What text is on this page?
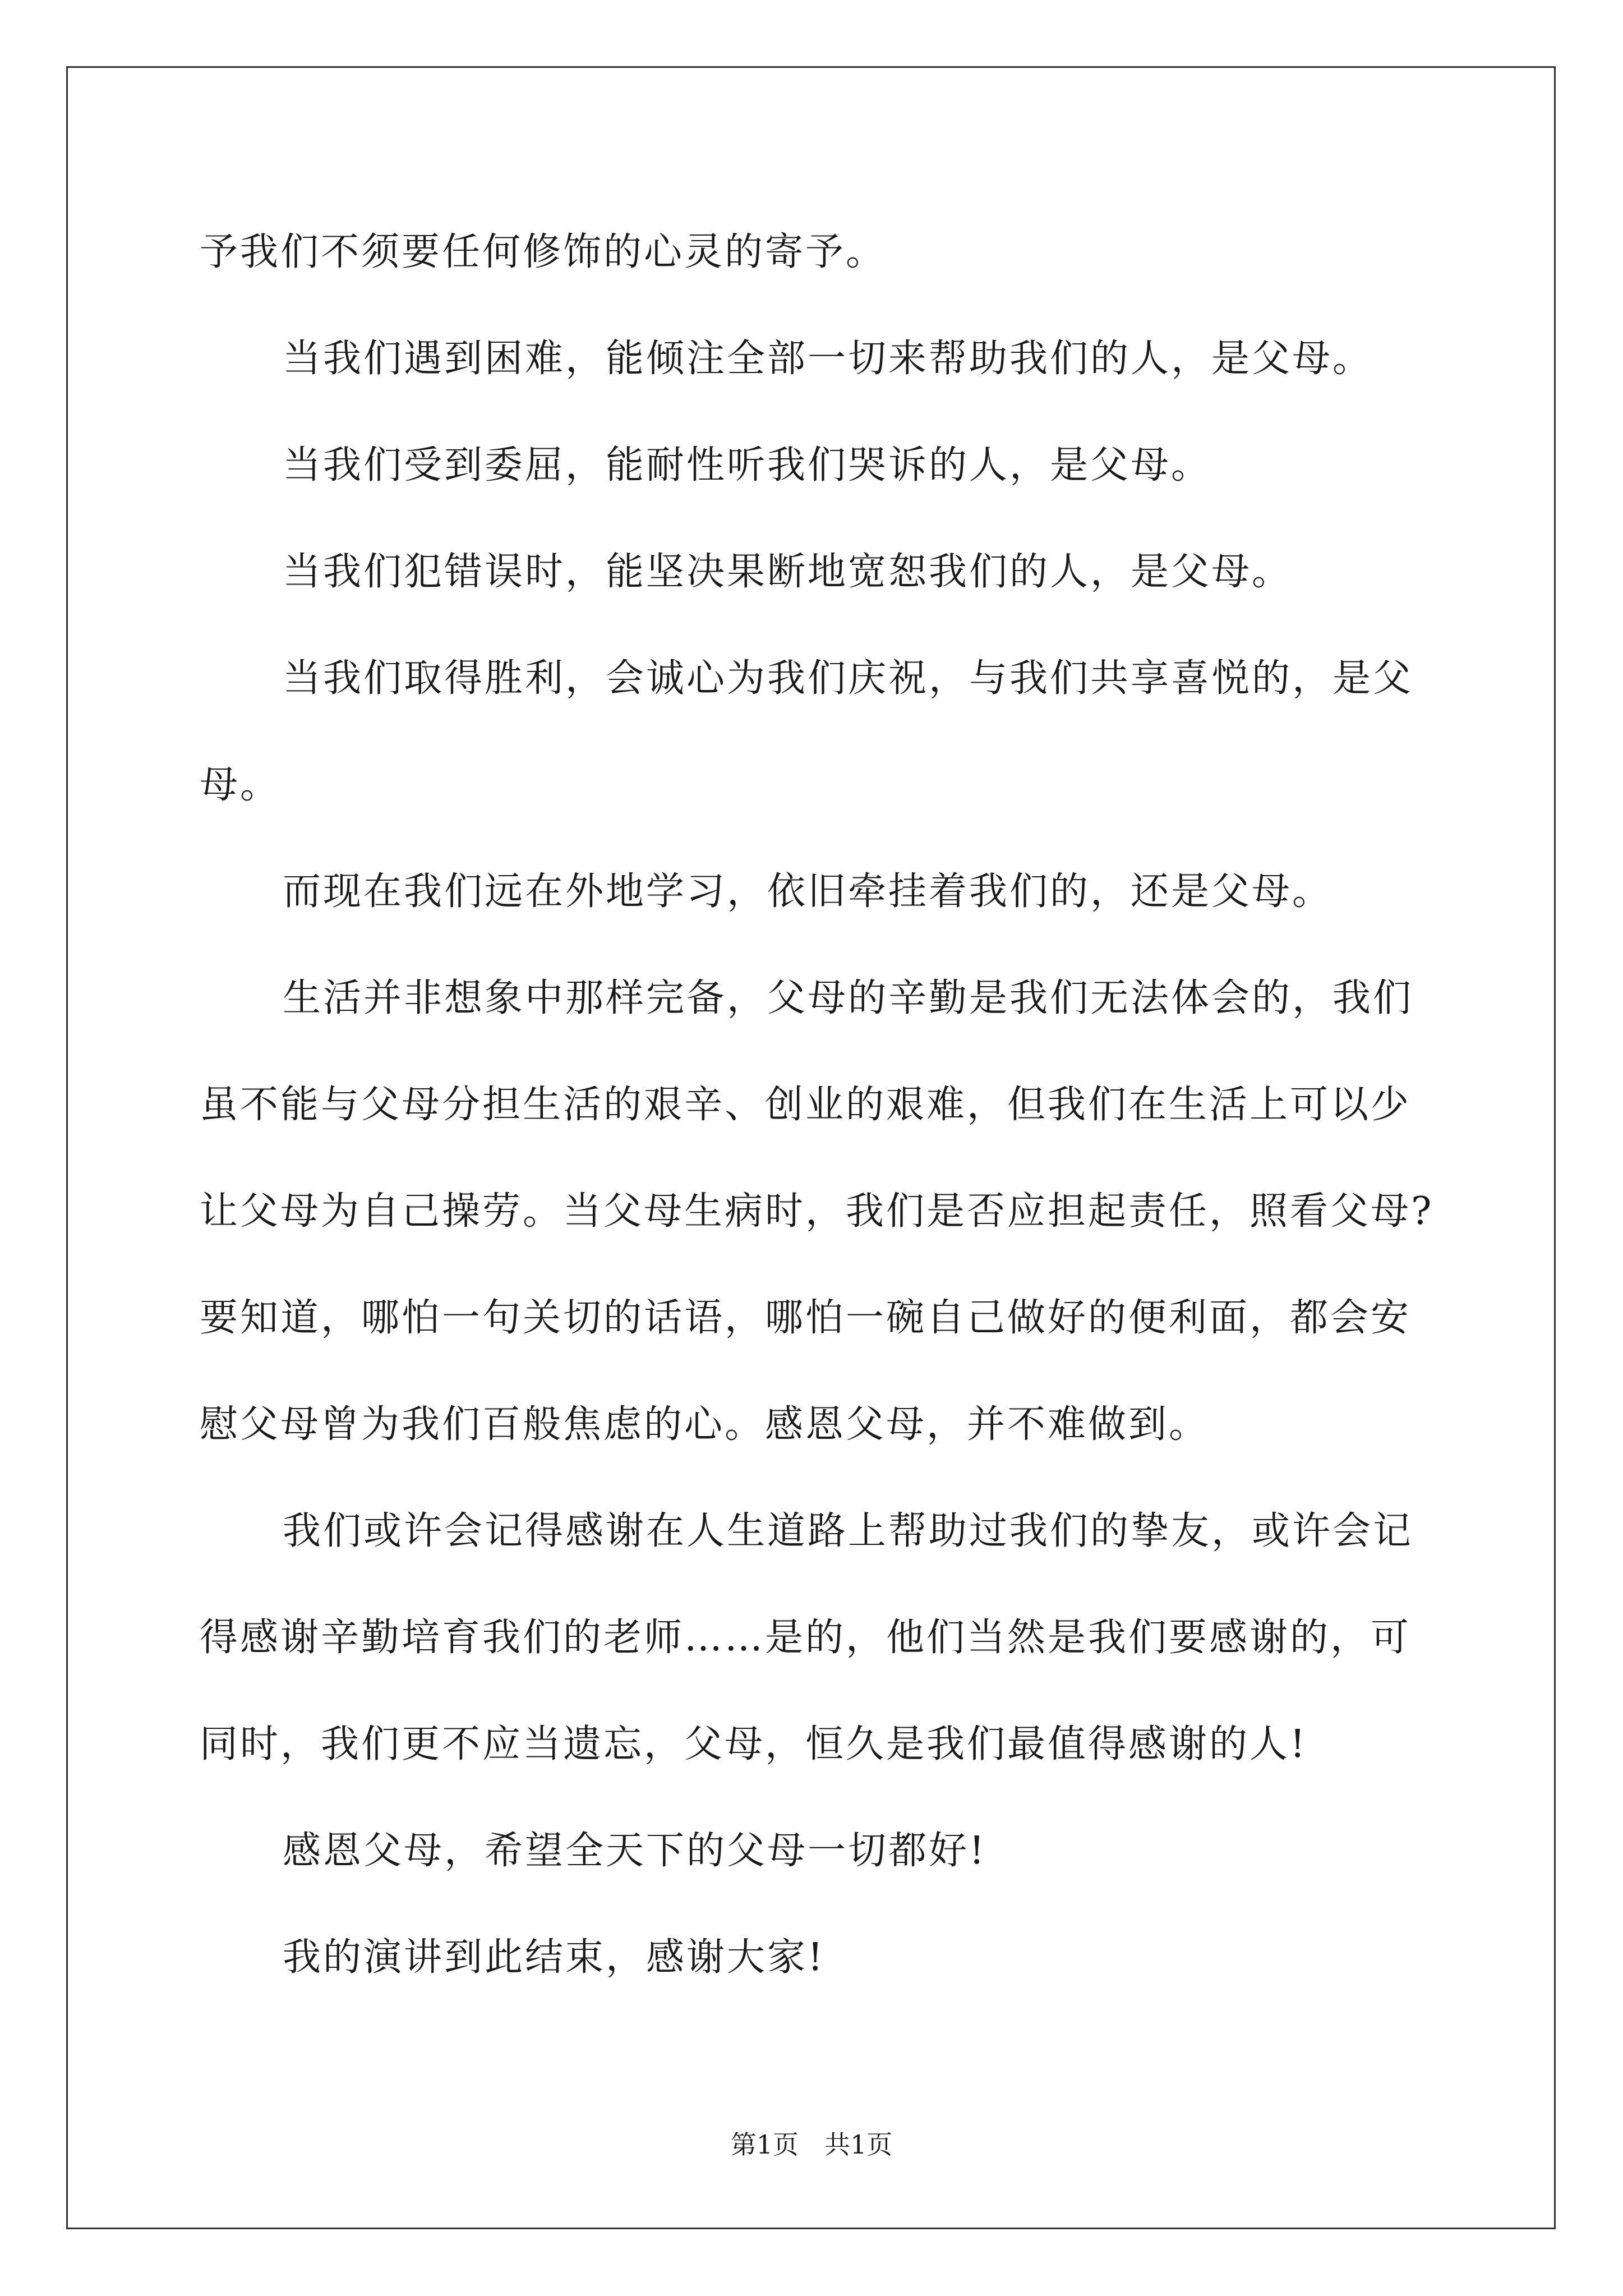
予我们不须要任何修饰的心灵的寄予。

当我们遇到困难，能倾注全部一切来帮助我们的人，是父母。

当我们受到委屈，能耐性听我们哭诉的人，是父母。

当我们犯错误时，能坚决果断地宽恕我们的人，是父母。

当我们取得胜利，会诚心为我们庆祝，与我们共享喜悦的，是父

母。

而现在我们远在外地学习，依旧牵挂着我们的，还是父母。

生活并非想象中那样完备，父母的辛勤是我们无法体会的，我们

虽不能与父母分担生活的艰辛、创业的艰难，但我们在生活上可以少

让父母为自己操劳。当父母生病时，我们是否应担起责任，照看父母?

要知道，哪怕一句关切的话语，哪怕一碗自己做好的便利面，都会安

慰父母曾为我们百般焦虑的心。感恩父母，并不难做到。

我们或许会记得感谢在人生道路上帮助过我们的挚友，或许会记

得感谢辛勤培育我们的老师……是的，他们当然是我们要感谢的，可

同时，我们更不应当遗忘，父母，恒久是我们最值得感谢的人!

感恩父母，希望全天下的父母一切都好!

我的演讲到此结束，感谢大家!

第1页　共1页
